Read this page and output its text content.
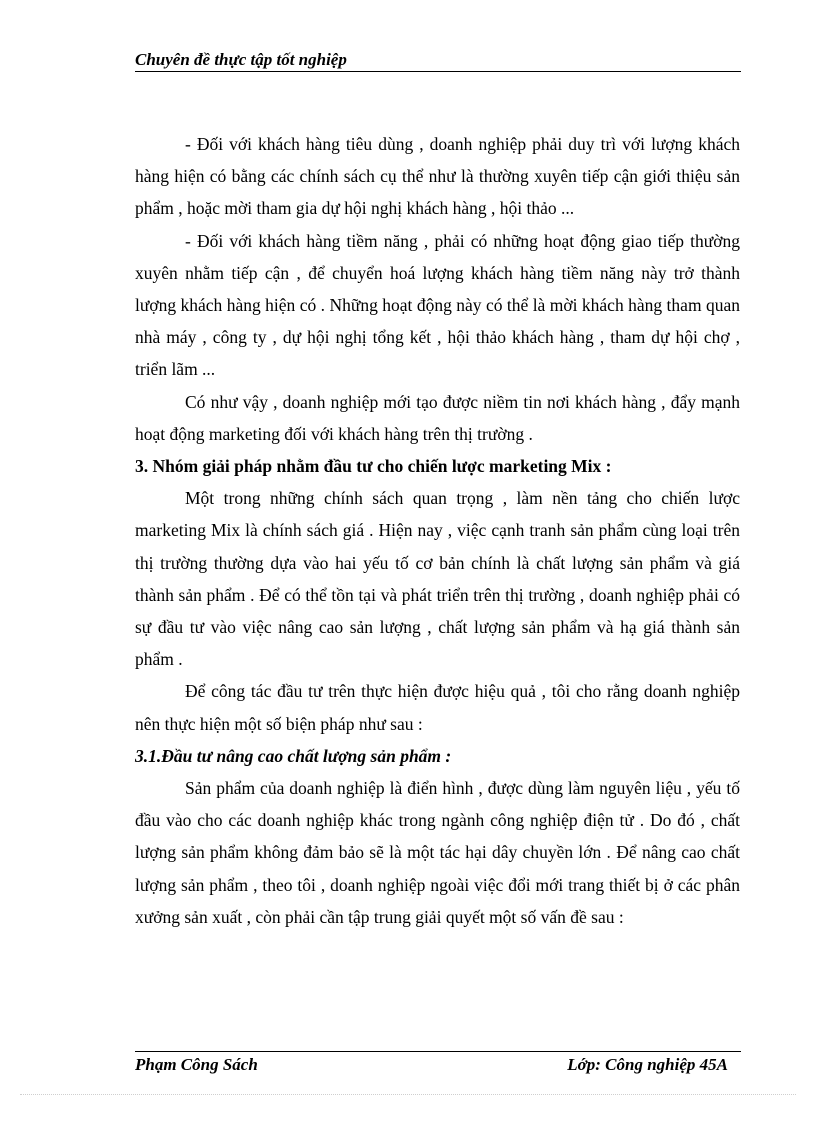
Chuyên đề thực tập tốt nghiệp

- Đối với khách hàng tiêu dùng , doanh nghiệp phải duy trì với lượng khách hàng hiện có bằng các chính sách cụ thể như là thường xuyên tiếp cận giới thiệu sản phẩm , hoặc mời tham gia dự hội nghị khách hàng , hội thảo ...

- Đối với khách hàng tiềm năng , phải có những hoạt động giao tiếp thường xuyên nhằm tiếp cận , để chuyển hoá lượng khách hàng tiềm năng này trở thành lượng khách hàng hiện có . Những hoạt động này có thể là mời khách hàng tham quan nhà máy , công ty , dự hội nghị tổng kết , hội thảo khách hàng , tham dự hội chợ , triển lãm ...

Có như vậy , doanh nghiệp mới tạo được niềm tin nơi khách hàng , đẩy mạnh hoạt động marketing đối với khách hàng trên thị trường .

3. Nhóm giải pháp nhằm đầu tư cho chiến lược marketing Mix :

Một trong những chính sách quan trọng , làm nền tảng cho chiến lược marketing Mix là chính sách giá . Hiện nay , việc cạnh tranh sản phẩm cùng loại trên thị trường thường dựa vào hai yếu tố cơ bản chính là chất lượng sản phẩm và giá thành sản phẩm . Để có thể tồn tại và phát triển trên thị trường , doanh nghiệp phải có sự đầu tư vào việc nâng cao sản lượng , chất lượng sản phẩm và hạ giá thành sản phẩm .

Để công tác đầu tư trên thực hiện được hiệu quả , tôi cho rằng doanh nghiệp nên thực hiện một số biện pháp như sau :

3.1.Đầu tư nâng cao chất lượng sản phẩm :

Sản phẩm của doanh nghiệp là điển hình , được dùng làm nguyên liệu , yếu tố đầu vào cho các doanh nghiệp khác trong ngành công nghiệp điện tử . Do đó , chất lượng sản phẩm không đảm bảo sẽ là một tác hại dây chuyền lớn . Để nâng cao chất lượng sản phẩm , theo tôi , doanh nghiệp ngoài việc đổi mới trang thiết bị ở các phân xưởng sản xuất , còn phải cần tập trung giải quyết một số vấn đề sau :

Phạm Công Sách	Lớp: Công nghiệp 45A
